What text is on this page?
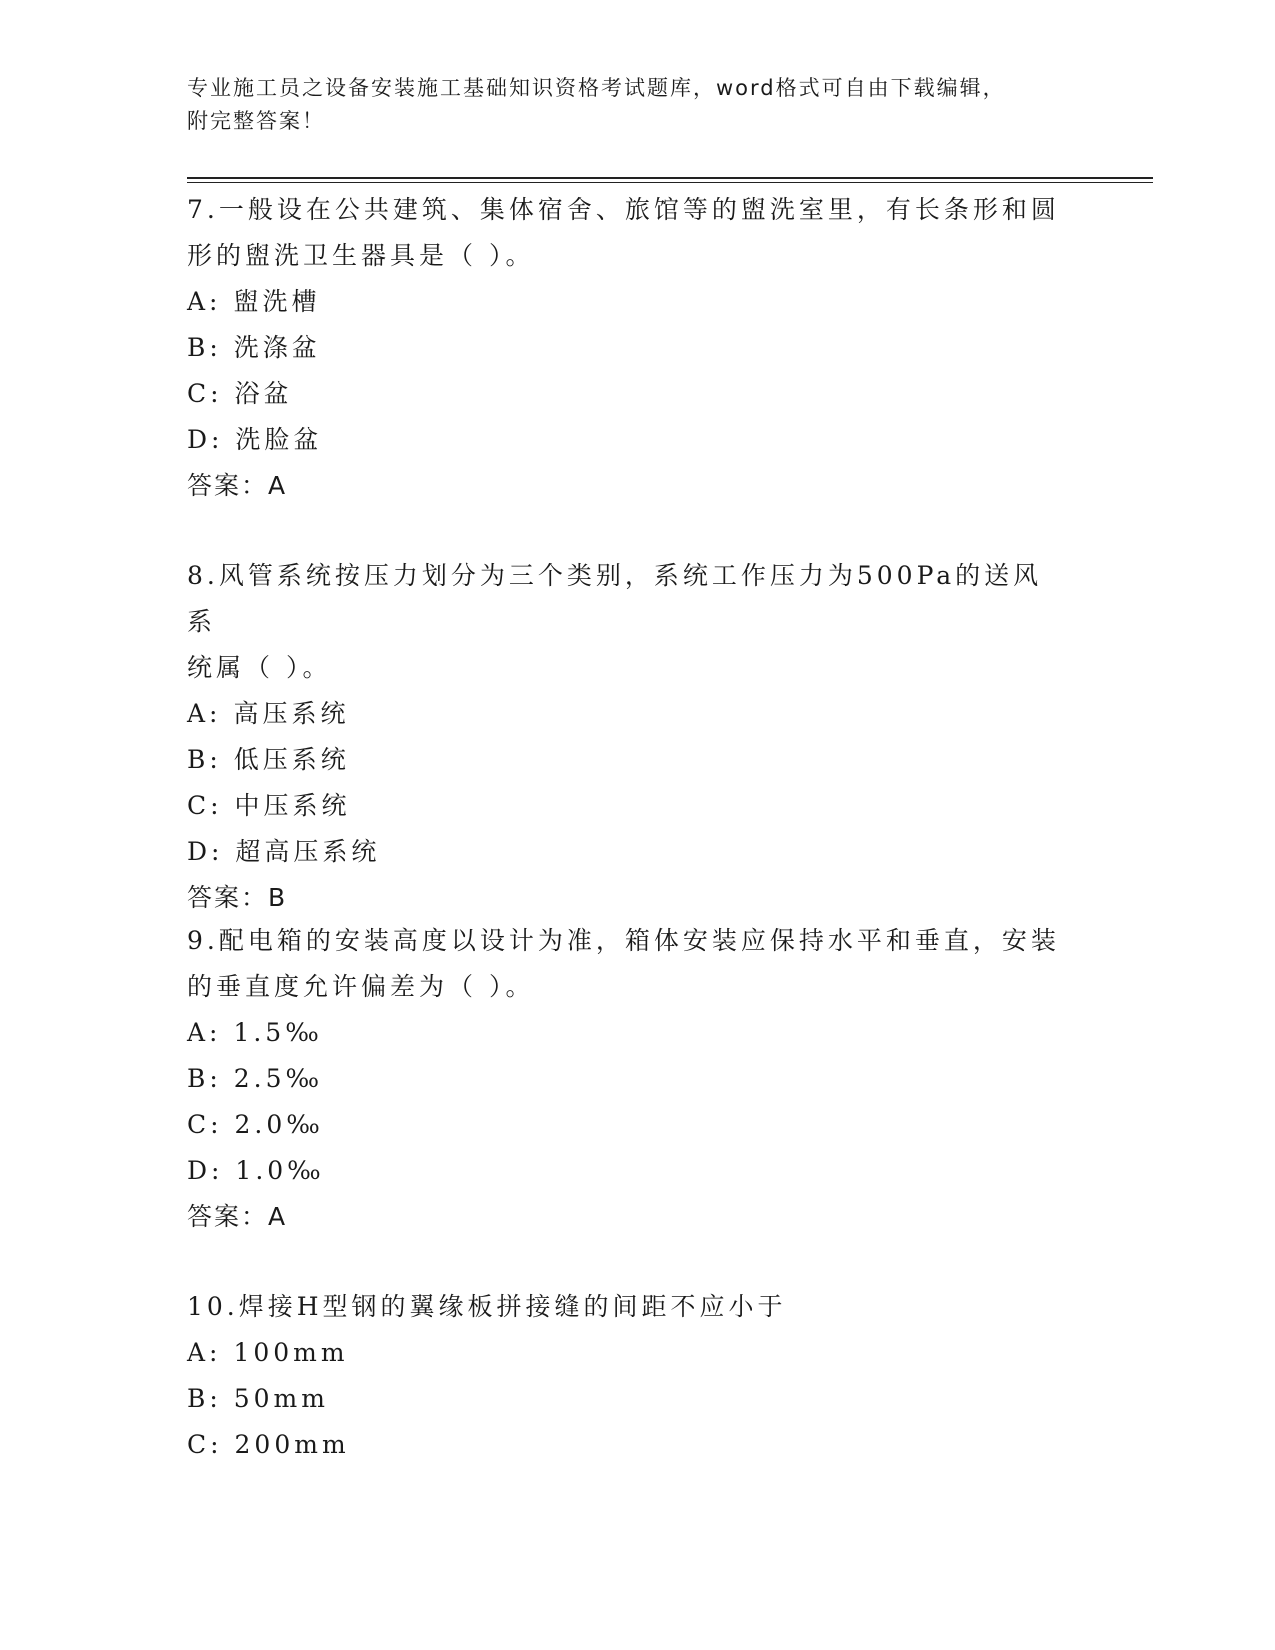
专业施工员之设备安装施工基础知识资格考试题库，word格式可自由下载编辑，
附完整答案！
7.一般设在公共建筑、集体宿舍、旅馆等的盥洗室里，有长条形和圆
形的盥洗卫生器具是（ ）。
A: 盥洗槽
B: 洗涤盆
C: 浴盆
D: 洗脸盆
答案：A
8.风管系统按压力划分为三个类别，系统工作压力为500Pa的送风系
统属（ ）。
A: 高压系统
B: 低压系统
C: 中压系统
D: 超高压系统
答案：B
9.配电箱的安装高度以设计为准，箱体安装应保持水平和垂直，安装
的垂直度允许偏差为（ ）。
A: 1.5‰
B: 2.5‰
C: 2.0‰
D: 1.0‰
答案：A
10.焊接H型钢的翼缘板拼接缝的间距不应小于
A: 100mm
B: 50mm
C: 200mm
